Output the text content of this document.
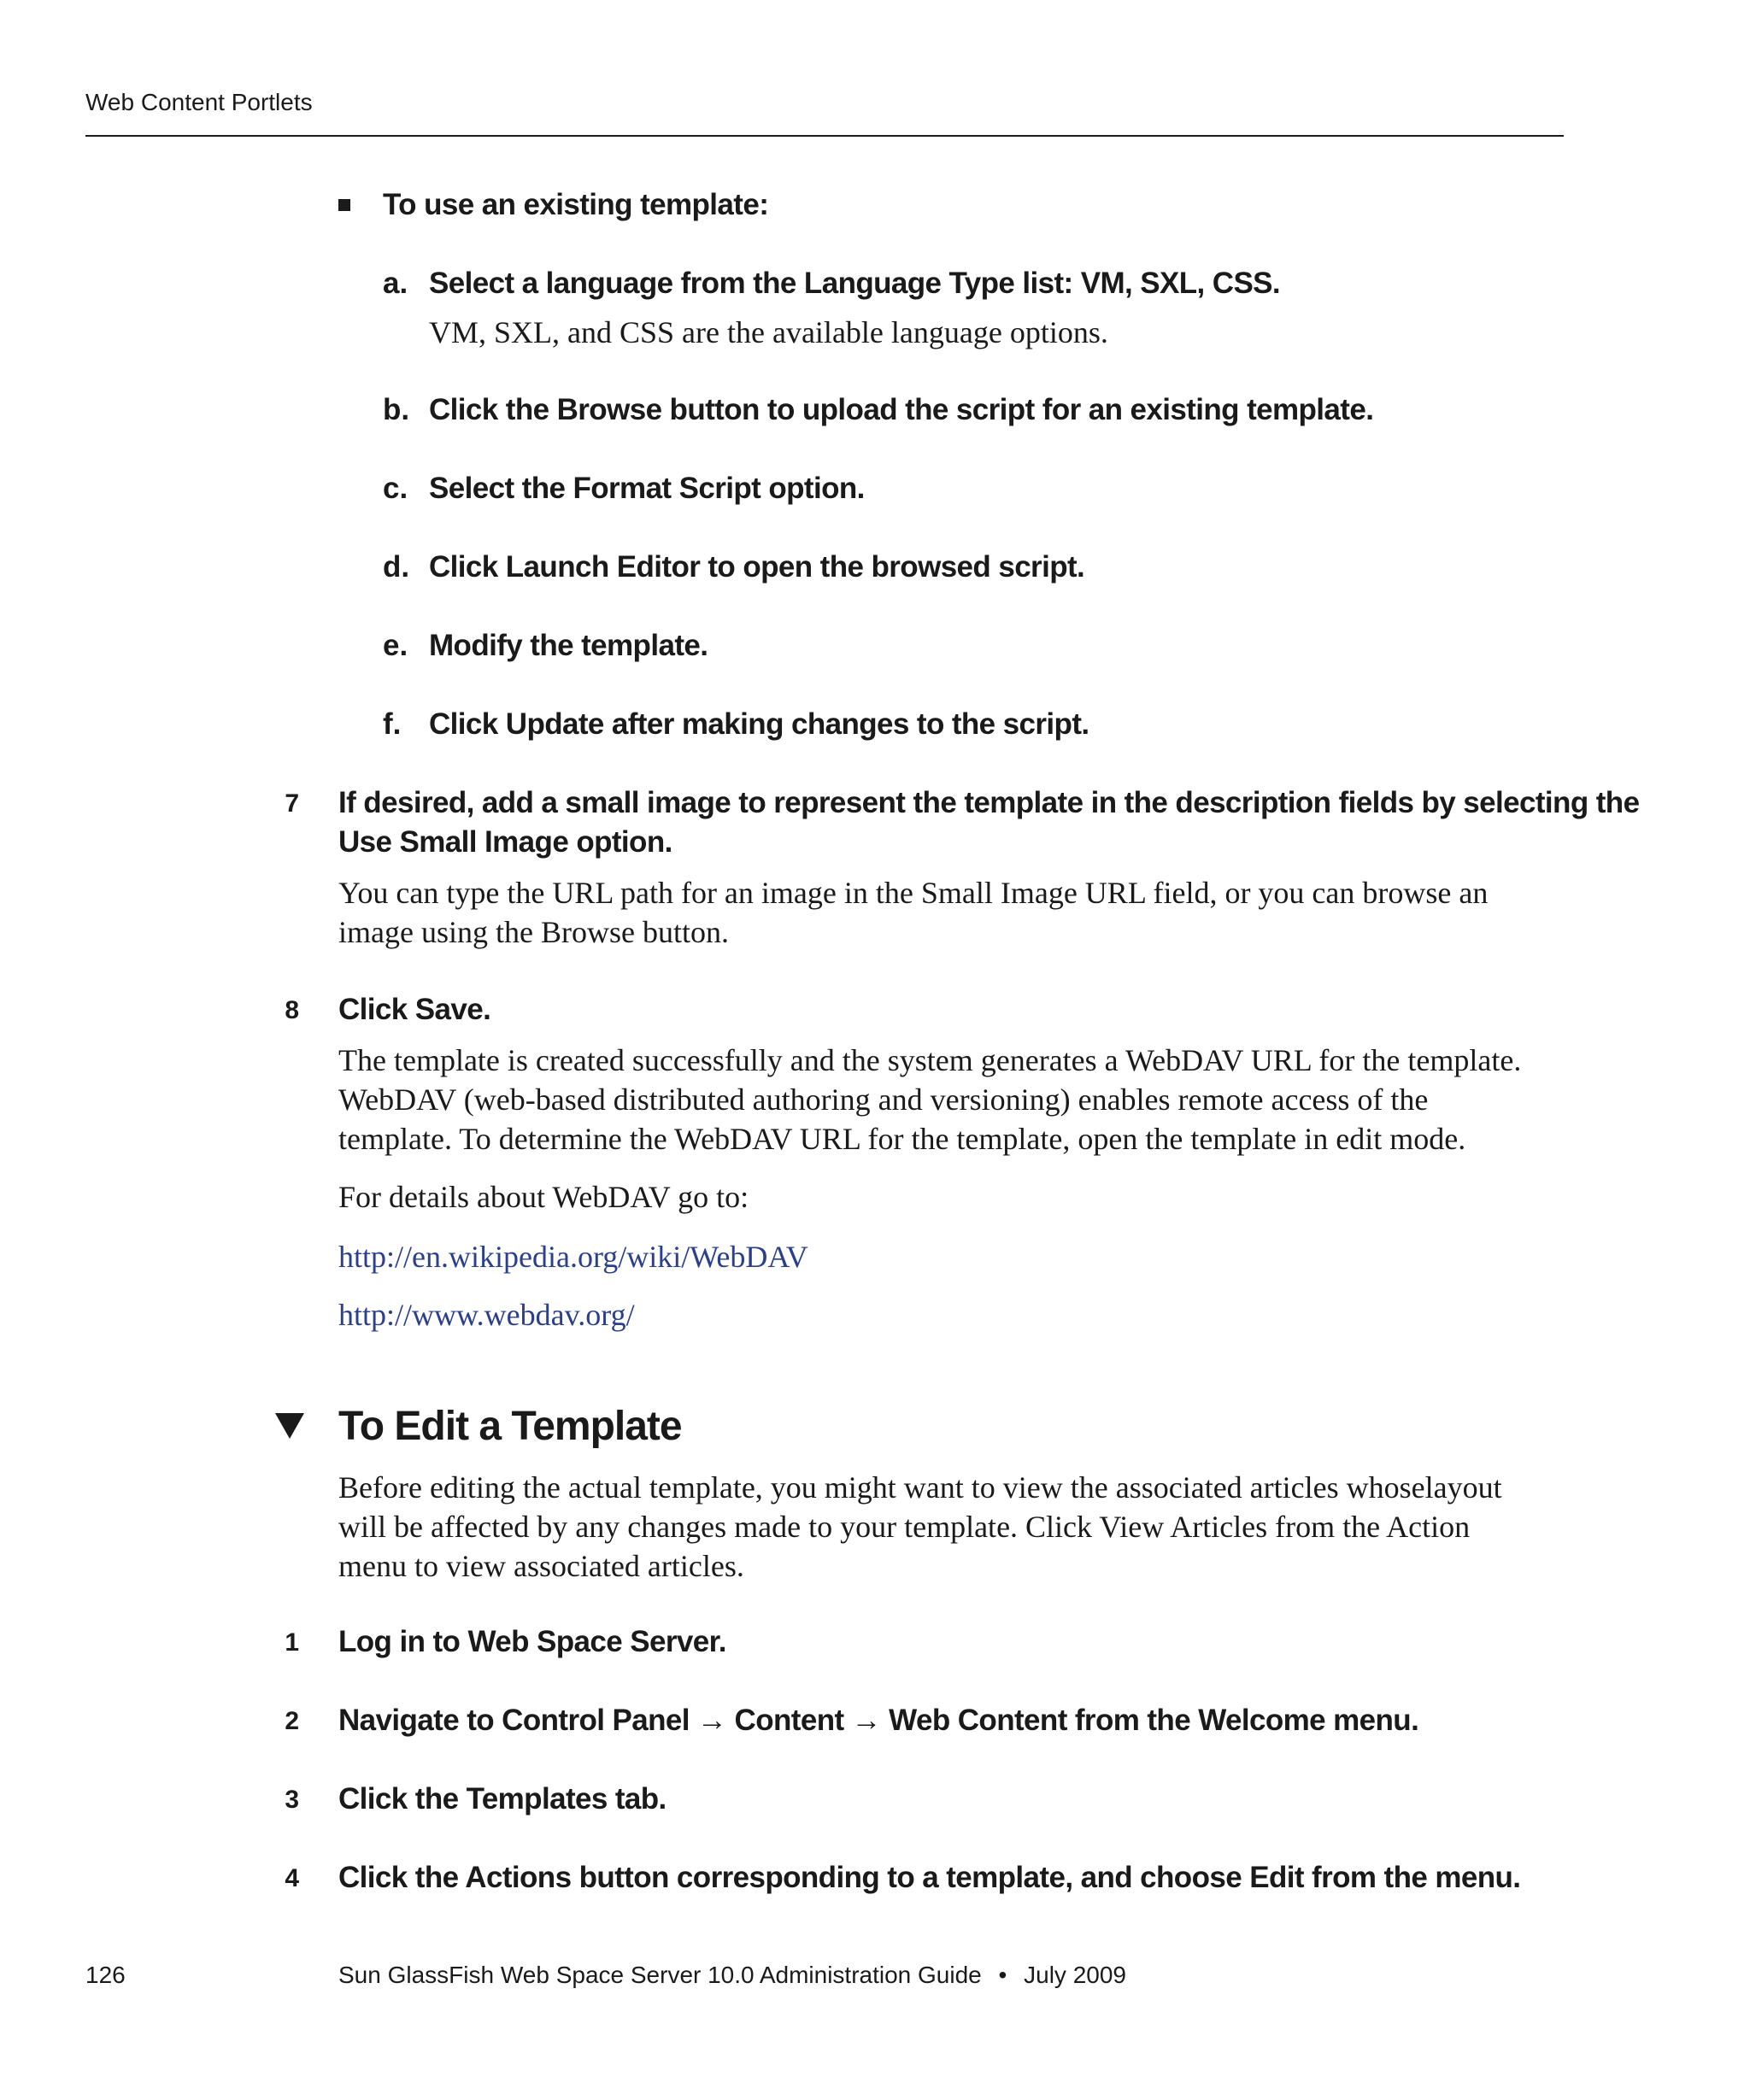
Web Content Portlets
To use an existing template:
a. Select a language from the Language Type list: VM, SXL, CSS.
VM, SXL, and CSS are the available language options.
b. Click the Browse button to upload the script for an existing template.
c. Select the Format Script option.
d. Click Launch Editor to open the browsed script.
e. Modify the template.
f. Click Update after making changes to the script.
7 If desired, add a small image to represent the template in the description fields by selecting the
Use Small Image option.
You can type the URL path for an image in the Small Image URL field, or you can browse an
image using the Browse button.
8 Click Save.
The template is created successfully and the system generates a WebDAV URL for the template.
WebDAV (web-based distributed authoring and versioning) enables remote access of the
template. To determine the WebDAV URL for the template, open the template in edit mode.
For details about WebDAV go to:
http://en.wikipedia.org/wiki/WebDAV
http://www.webdav.org/
To Edit a Template
Before editing the actual template, you might want to view the associated articles whoselayout
will be affected by any changes made to your template. Click View Articles from the Action
menu to view associated articles.
1 Log in to Web Space Server.
2 Navigate to Control Panel → Content → Web Content from the Welcome menu.
3 Click the Templates tab.
4 Click the Actions button corresponding to a template, and choose Edit from the menu.
126	Sun GlassFish Web Space Server 10.0 Administration Guide • July 2009
